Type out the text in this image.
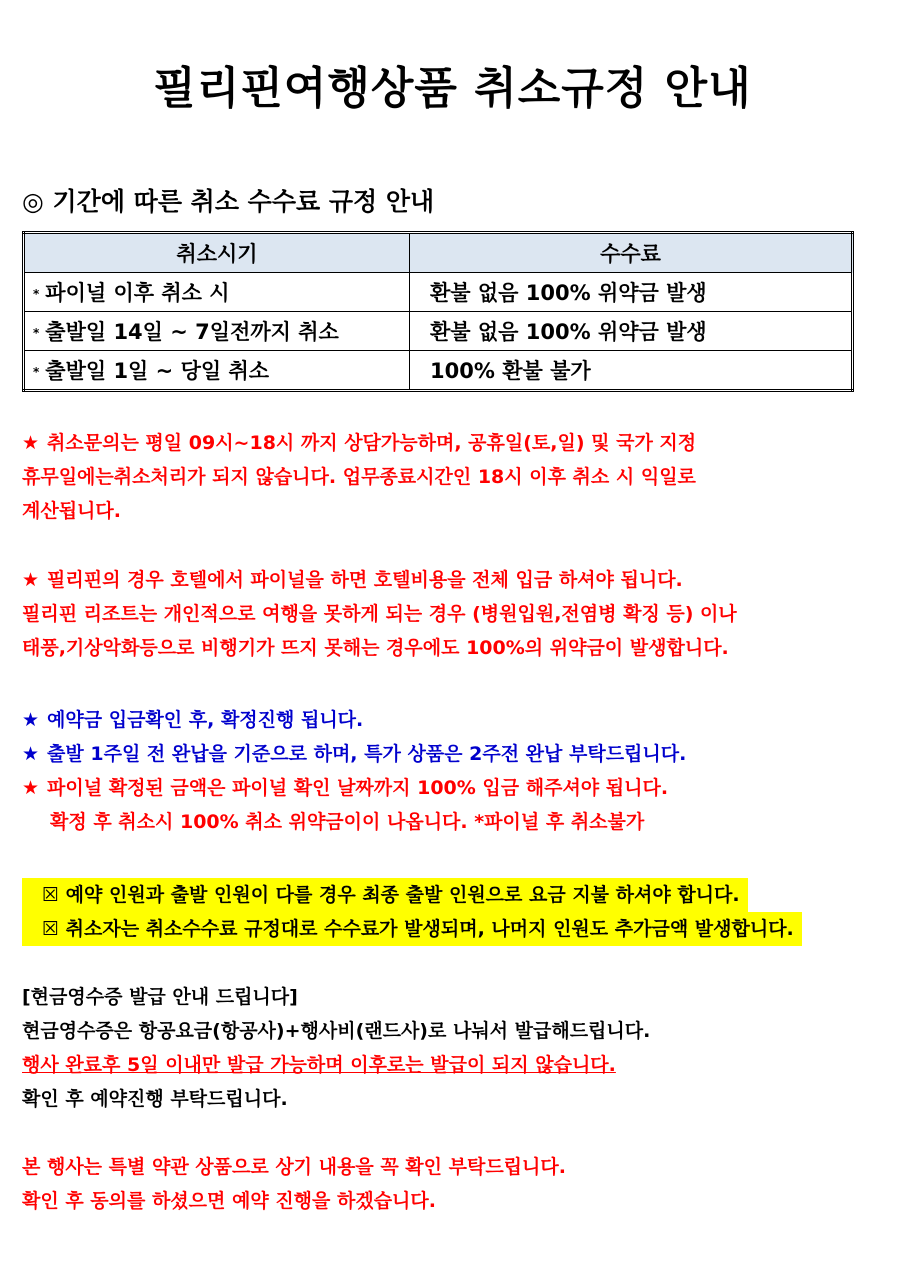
필리핀여행상품 취소규정 안내
◎ 기간에 따른 취소 수수료 규정 안내
취소시기	수수료
* 파이널 이후 취소 시	환불 없음 100% 위약금 발생
* 출발일 14일 ~ 7일전까지 취소	환불 없음 100% 위약금 발생
* 출발일 1일 ~ 당일 취소	100% 환불 불가
★ 취소문의는 평일 09시~18시 까지 상담가능하며, 공휴일(토,일) 및 국가 지정
휴무일에는취소처리가 되지 않습니다. 업무종료시간인 18시 이후 취소 시 익일로
계산됩니다.
★ 필리핀의 경우 호텔에서 파이널을 하면 호텔비용을 전체 입금 하셔야 됩니다.
필리핀 리조트는 개인적으로 여행을 못하게 되는 경우 (병원입원,전염병 확징 등) 이나
태풍,기상악화등으로 비행기가 뜨지 못해는 경우에도 100%의 위약금이 발생합니다.
★ 예약금 입금확인 후, 확정진행 됩니다.
★ 출발 1주일 전 완납을 기준으로 하며, 특가 상품은 2주전 완납 부탁드립니다.
★ 파이널 확정된 금액은 파이널 확인 날짜까지 100% 입금 해주셔야 됩니다.
확정 후 취소시 100% 취소 위약금이이 나옵니다. *파이널 후 취소불가
☒ 예약 인원과 출발 인원이 다를 경우 최종 출발 인원으로 요금 지불 하셔야 합니다.
☒ 취소자는 취소수수료 규정대로 수수료가 발생되며, 나머지 인원도 추가금액 발생합니다.
[현금영수증 발급 안내 드립니다]
현금영수증은 항공요금(항공사)+행사비(랜드사)로 나눠서 발급해드립니다.
행사 완료후 5일 이내만 발급 가능하며 이후로는 발급이 되지 않습니다.
확인 후 예약진행 부탁드립니다.
본 행사는 특별 약관 상품으로 상기 내용을 꼭 확인 부탁드립니다.
확인 후 동의를 하셨으면 예약 진행을 하겠습니다.
